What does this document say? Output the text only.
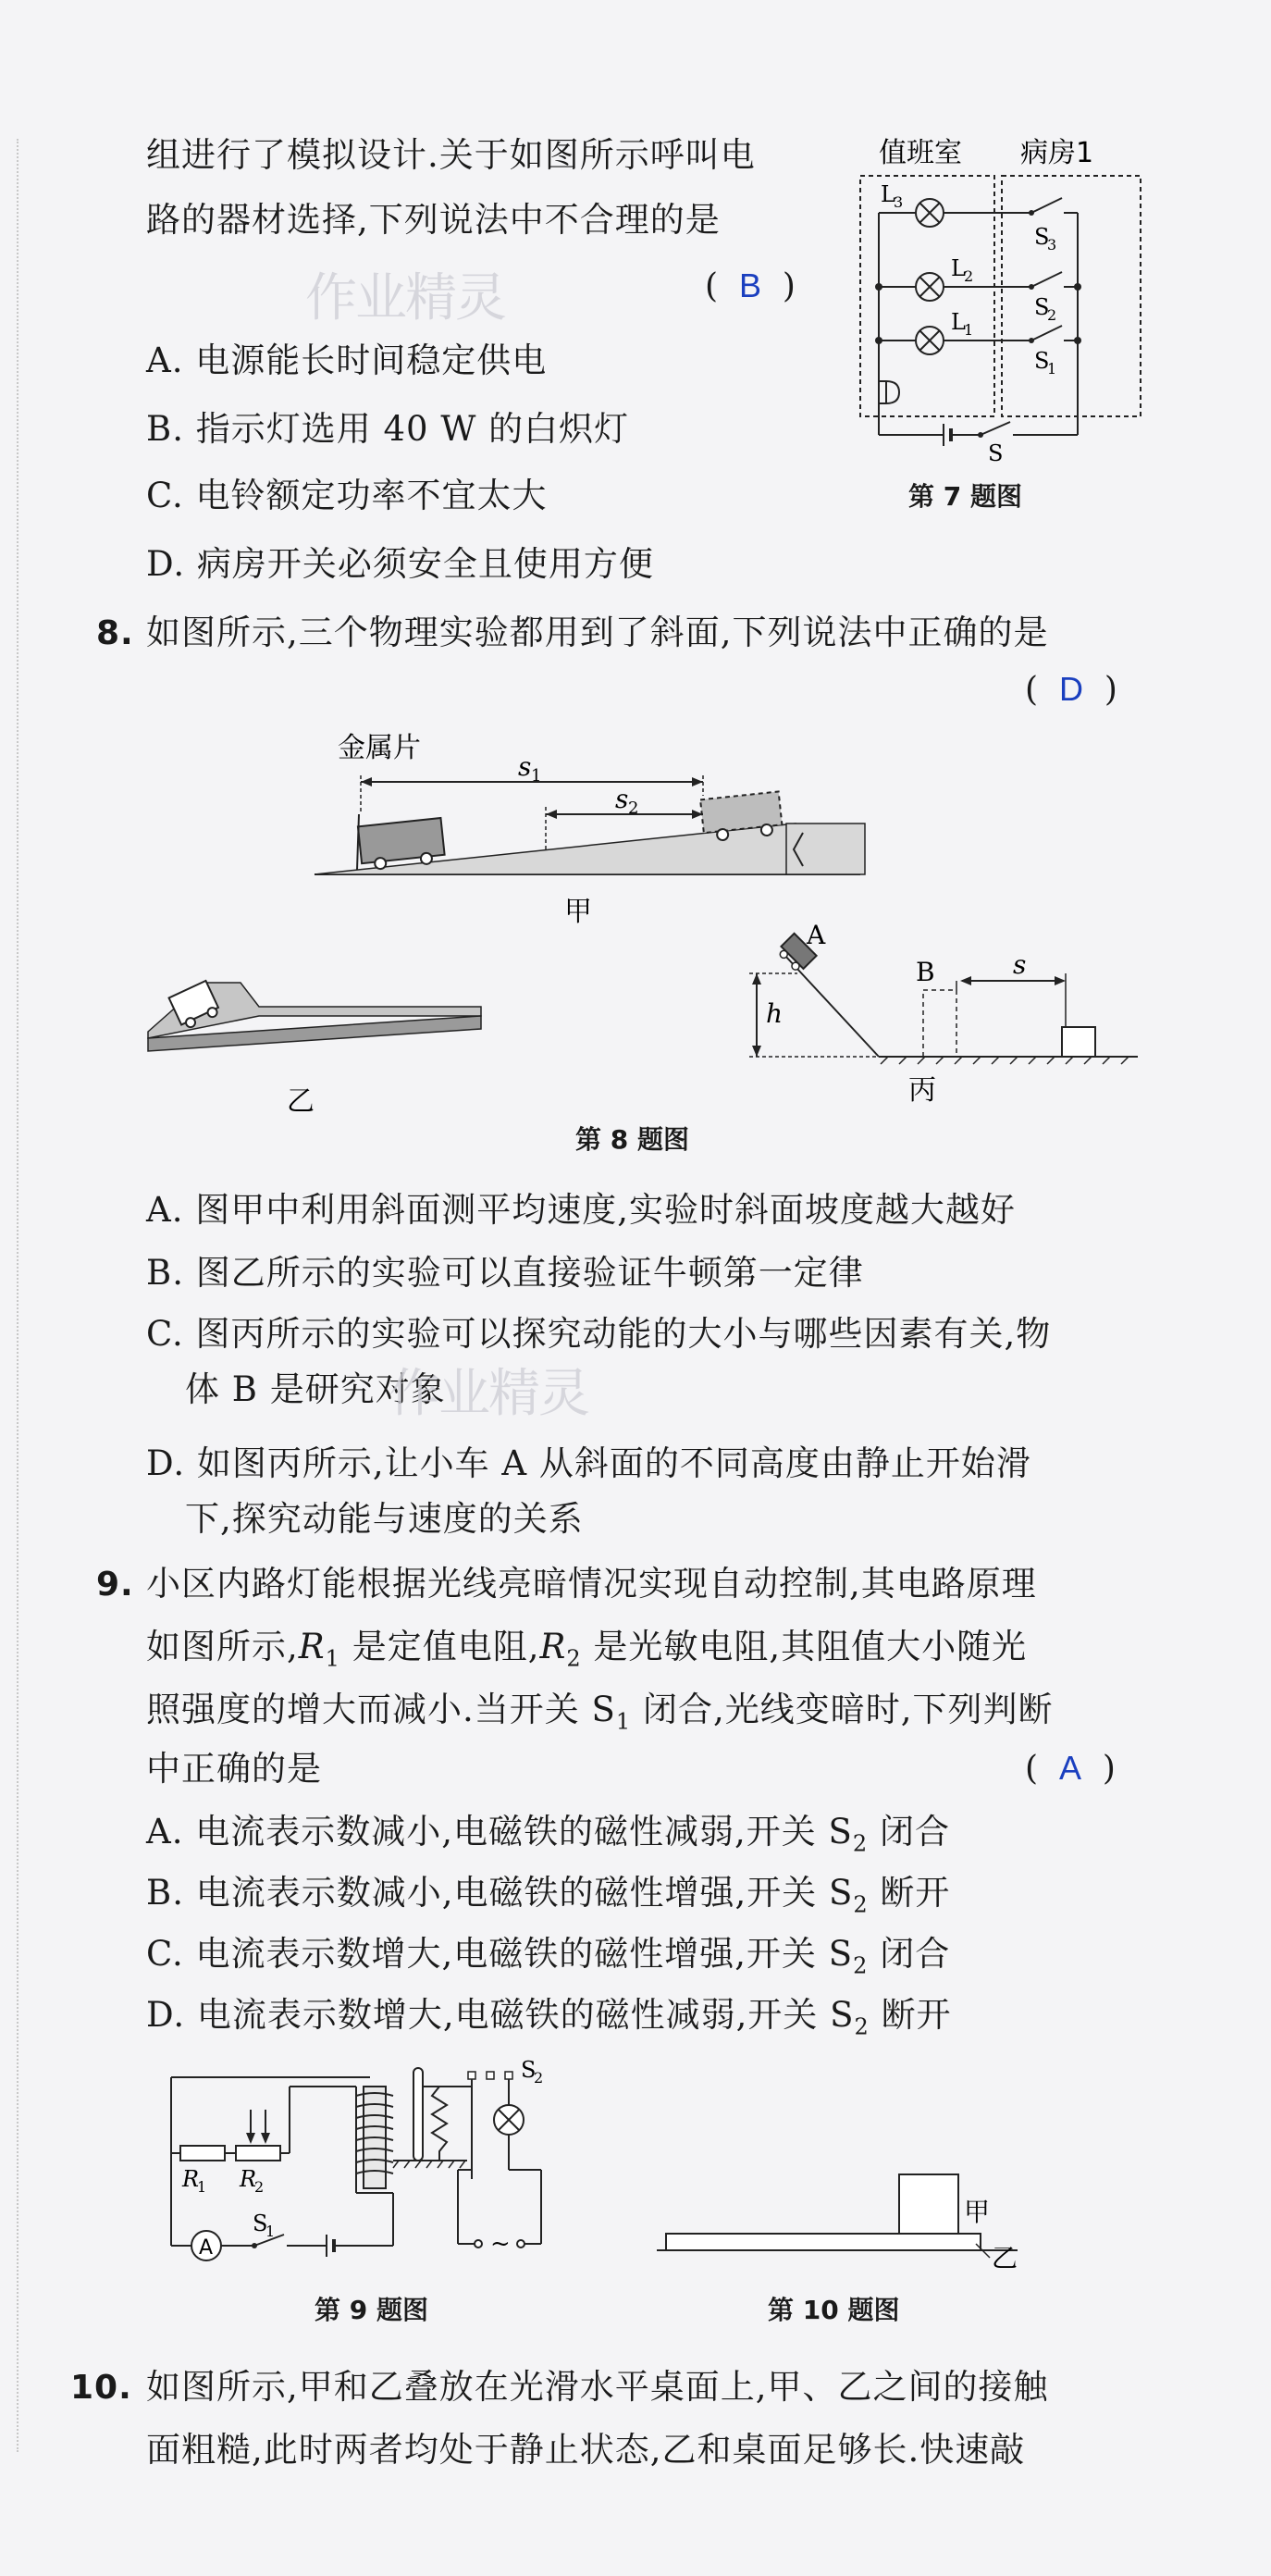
组进行了模拟设计.关于如图所示呼叫电
路的器材选择,下列说法中不合理的是
作业精灵	( B )
A. 电源能长时间稳定供电
B. 指示灯选用 40 W 的白炽灯
C. 电铃额定功率不宜太大
D. 病房开关必须安全且使用方便
值班室 病房1
L
3
S
3
L
2
S
2
L
1
S
1
S
第 7 题图
8. 如图所示,三个物理实验都用到了斜面,下列说法中正确的是
( D )
金属片
s 1
s 2
甲
乙
A
h
B	s
丙
第 8 题图
A. 图甲中利用斜面测平均速度,实验时斜面坡度越大越好
B. 图乙所示的实验可以直接验证牛顿第一定律
C. 图丙所示的实验可以探究动能的大小与哪些因素有关,物
体 B 是研究对象
作业精灵
D. 如图丙所示,让小车 A 从斜面的不同高度由静止开始滑
下,探究动能与速度的关系
9. 小区内路灯能根据光线亮暗情况实现自动控制,其电路原理
如图所示$,R_1$ 是定值电阻$,R_2$ 是光敏电阻,其阻值大小随光
照强度的增大而减小.当开关 $S_1$ 闭合,光线变暗时,下列判断
中正确的是	( A )
A. 电流表示数减小,电磁铁的磁性减弱,开关 $S_2$ 闭合
B. 电流表示数减小,电磁铁的磁性增强,开关 $S_2$ 断开
C. 电流表示数增大,电磁铁的磁性增强,开关 $S_2$ 闭合
D. 电流表示数增大,电磁铁的磁性减弱,开关 $S_2$ 断开
R
1 R
2
A
S
1
S
2
~
第 9 题图
甲
乙
第 10 题图
10. 如图所示,甲和乙叠放在光滑水平桌面上,甲、乙之间的接触
面粗糙,此时两者均处于静止状态,乙和桌面足够长.快速敲
